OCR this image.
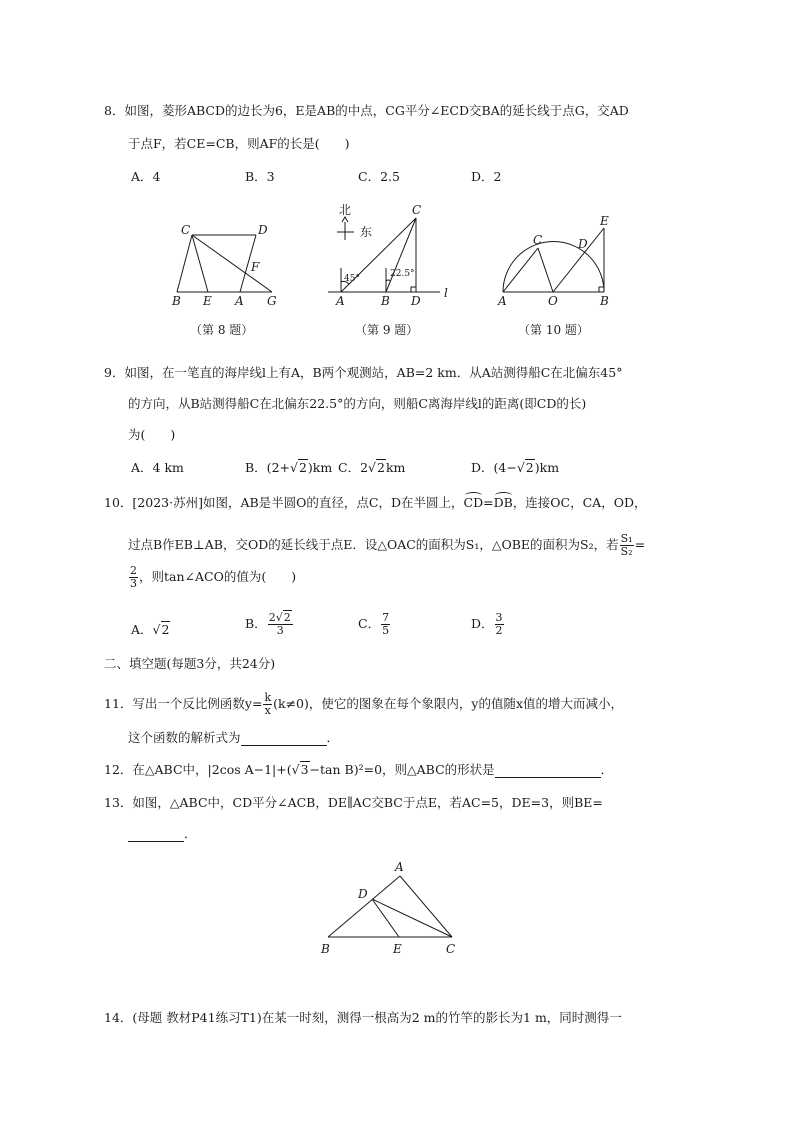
8．如图，菱形ABCD的边长为6，E是AB的中点，CG平分∠ECD交BA的延长线于点G，交AD
于点F，若CE=CB，则AF的长是(　　)
A．4	B．3	C．2.5	D．2
C	D
F
B E A G
北
东
45°	22.5°
C
A	B D
l
E
C	D
A	O	B
（第 8 题）	（第 9 题）	（第 10 题）
9．如图，在一笔直的海岸线l上有A，B两个观测站，AB=2 km．从A站测得船C在北偏东45°
的方向，从B站测得船C在北偏东22.5°的方向，则船C离海岸线l的距离(即CD的长)
为(　　)
A．4 km	B．(2+√2)km C．2√2km	D．(4−√2)km
10．[2023·苏州]如图，AB是半圆O的直径，点C，D在半圆上，CD=DB，连接OC，CA，OD，
过点B作EB⊥AB，交OD的延长线于点E．设△OAC的面积为S₁，△OBE的面积为S₂，若 $\frac{\text{S₁}}{\text{S₂}}$ =
$\frac{2}{3}$ ，则tan∠ACO的值为(　　)
A．√2	B． $\frac{2√2}{3}$	C． $\frac{7}{5}$	D． $\frac{3}{2}$
二、填空题(每题3分，共24分)
11．写出一个反比例函数$y= \frac{k}{x} (k\ne 0)$，使它的图象在每个象限内，y的值随x值的增大而减小，
这个函数的解析式为	．
12．在△ABC中，|2cos A−1|+(√3−tan B)²=0，则△ABC的形状是	．
13．如图，△ABC中，CD平分∠ACB，DE∥AC交BC于点E，若AC=5，DE=3，则BE=
．
A
D
B	E	C
14．(母题 教材P41练习T1)在某一时刻，测得一根高为2 m的竹竿的影长为1 m，同时测得一
